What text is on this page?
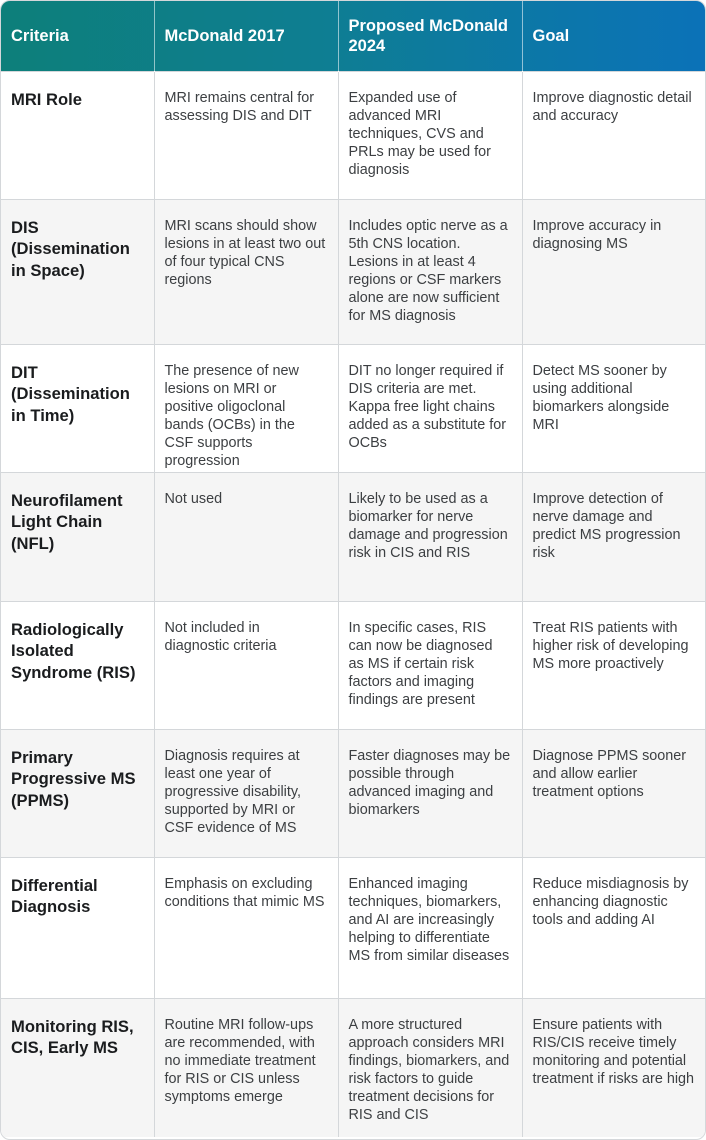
Criteria	McDonald 2017	Proposed McDonald 2024	Goal
MRI Role	MRI remains central for assessing DIS and DIT	Expanded use of advanced MRI techniques, CVS and PRLs may be used for diagnosis	Improve diagnostic detail and accuracy
DIS (Dissemination in Space)	MRI scans should show lesions in at least two out of four typical CNS regions	Includes optic nerve as a 5th CNS location. Lesions in at least 4 regions or CSF markers alone are now sufficient for MS diagnosis	Improve accuracy in diagnosing MS
DIT (Dissemination in Time)	The presence of new lesions on MRI or positive oligoclonal bands (OCBs) in the CSF supports progression	DIT no longer required if DIS criteria are met. Kappa free light chains added as a substitute for OCBs	Detect MS sooner by using additional biomarkers alongside MRI
Neurofilament Light Chain (NFL)	Not used	Likely to be used as a biomarker for nerve damage and progression risk in CIS and RIS	Improve detection of nerve damage and predict MS progression risk
Radiologically Isolated Syndrome (RIS)	Not included in diagnostic criteria	In specific cases, RIS can now be diagnosed as MS if certain risk factors and imaging findings are present	Treat RIS patients with higher risk of developing MS more proactively
Primary Progressive MS (PPMS)	Diagnosis requires at least one year of progressive disability, supported by MRI or CSF evidence of MS	Faster diagnoses may be possible through advanced imaging and biomarkers	Diagnose PPMS sooner and allow earlier treatment options
Differential Diagnosis	Emphasis on excluding conditions that mimic MS	Enhanced imaging techniques, biomarkers, and AI are increasingly helping to differentiate MS from similar diseases	Reduce misdiagnosis by enhancing diagnostic tools and adding AI
Monitoring RIS, CIS, Early MS	Routine MRI follow-ups are recommended, with no immediate treatment for RIS or CIS unless symptoms emerge	A more structured approach considers MRI findings, biomarkers, and risk factors to guide treatment decisions for RIS and CIS	Ensure patients with RIS/CIS receive timely monitoring and potential treatment if risks are high
